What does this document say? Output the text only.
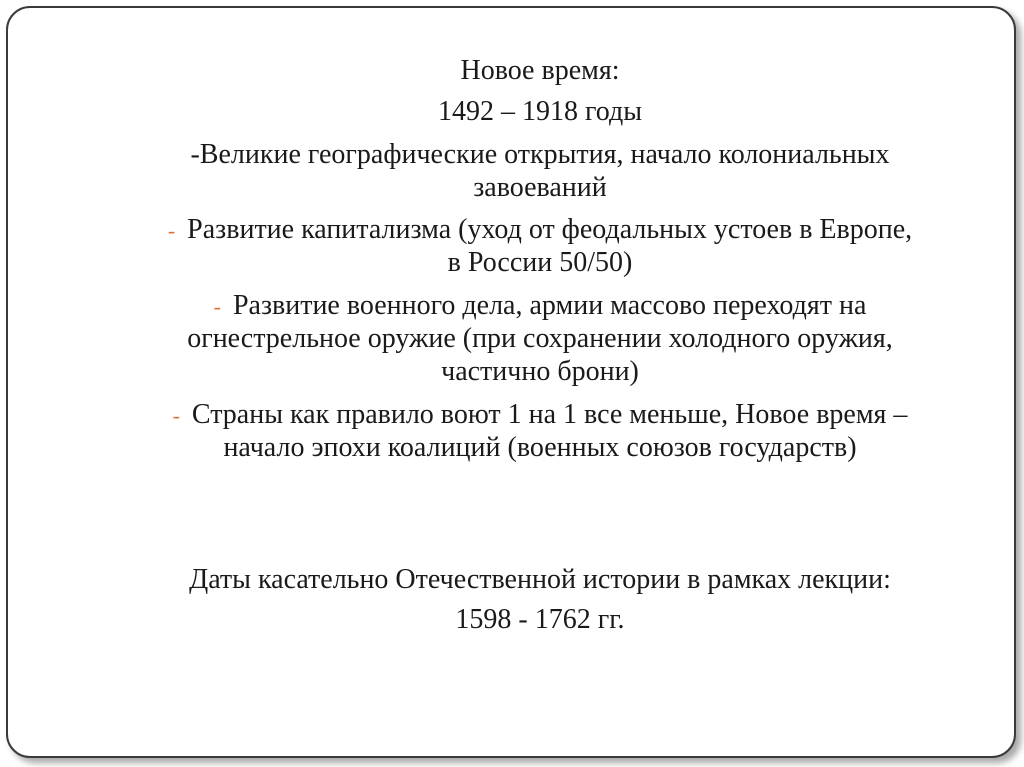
Новое время:
1492 – 1918 годы
-Великие географические открытия, начало колониальных
завоеваний
- Развитие капитализма (уход от феодальных устоев в Европе,
в России 50/50)
- Развитие военного дела, армии массово переходят на
огнестрельное оружие (при сохранении холодного оружия,
частично брони)
- Страны как правило воют 1 на 1 все меньше, Новое время –
начало эпохи коалиций (военных союзов государств)
Даты касательно Отечественной истории в рамках лекции:
1598 - 1762 гг.
